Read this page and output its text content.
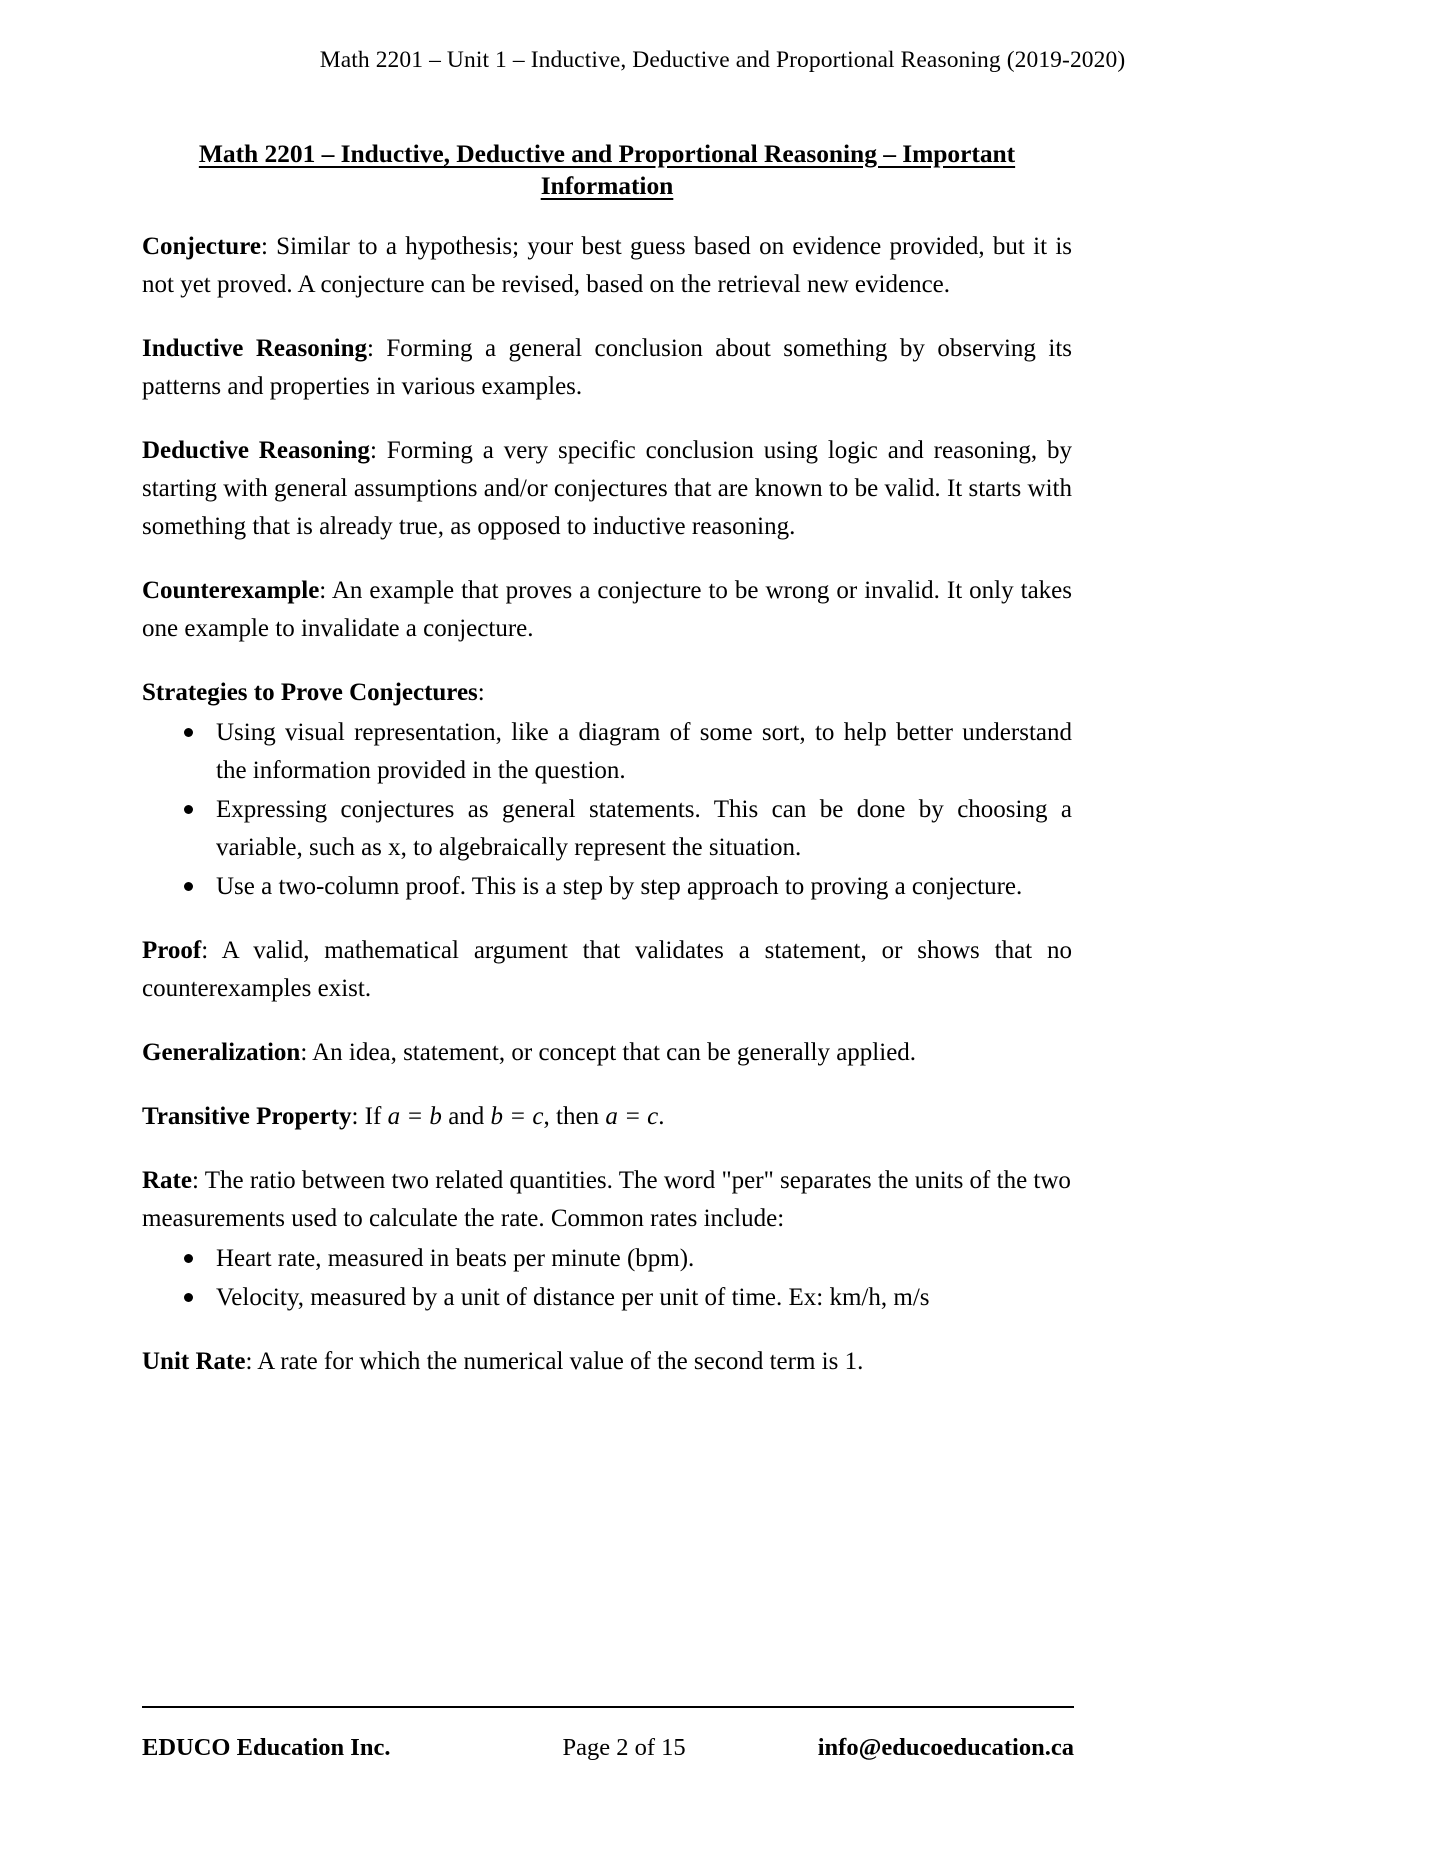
Math 2201 – Unit 1 – Inductive, Deductive and Proportional Reasoning (2019-2020)
Math 2201 – Inductive, Deductive and Proportional Reasoning – Important Information

Conjecture: Similar to a hypothesis; your best guess based on evidence provided, but it is not yet proved. A conjecture can be revised, based on the retrieval new evidence.

Inductive Reasoning: Forming a general conclusion about something by observing its patterns and properties in various examples.

Deductive Reasoning: Forming a very specific conclusion using logic and reasoning, by starting with general assumptions and/or conjectures that are known to be valid. It starts with something that is already true, as opposed to inductive reasoning.

Counterexample: An example that proves a conjecture to be wrong or invalid. It only takes one example to invalidate a conjecture.

Strategies to Prove Conjectures:

Using visual representation, like a diagram of some sort, to help better understand the information provided in the question.
Expressing conjectures as general statements. This can be done by choosing a variable, such as x, to algebraically represent the situation.
Use a two-column proof. This is a step by step approach to proving a conjecture.

Proof: A valid, mathematical argument that validates a statement, or shows that no counterexamples exist.

Generalization: An idea, statement, or concept that can be generally applied.

Transitive Property: If a = b and b = c, then a = c.

Rate: The ratio between two related quantities. The word "per" separates the units of the two measurements used to calculate the rate. Common rates include:

Heart rate, measured in beats per minute (bpm).
Velocity, measured by a unit of distance per unit of time. Ex: km/h, m/s

Unit Rate: A rate for which the numerical value of the second term is 1.

EDUCO Education Inc.	Page 2 of 15	info@educoeducation.ca
